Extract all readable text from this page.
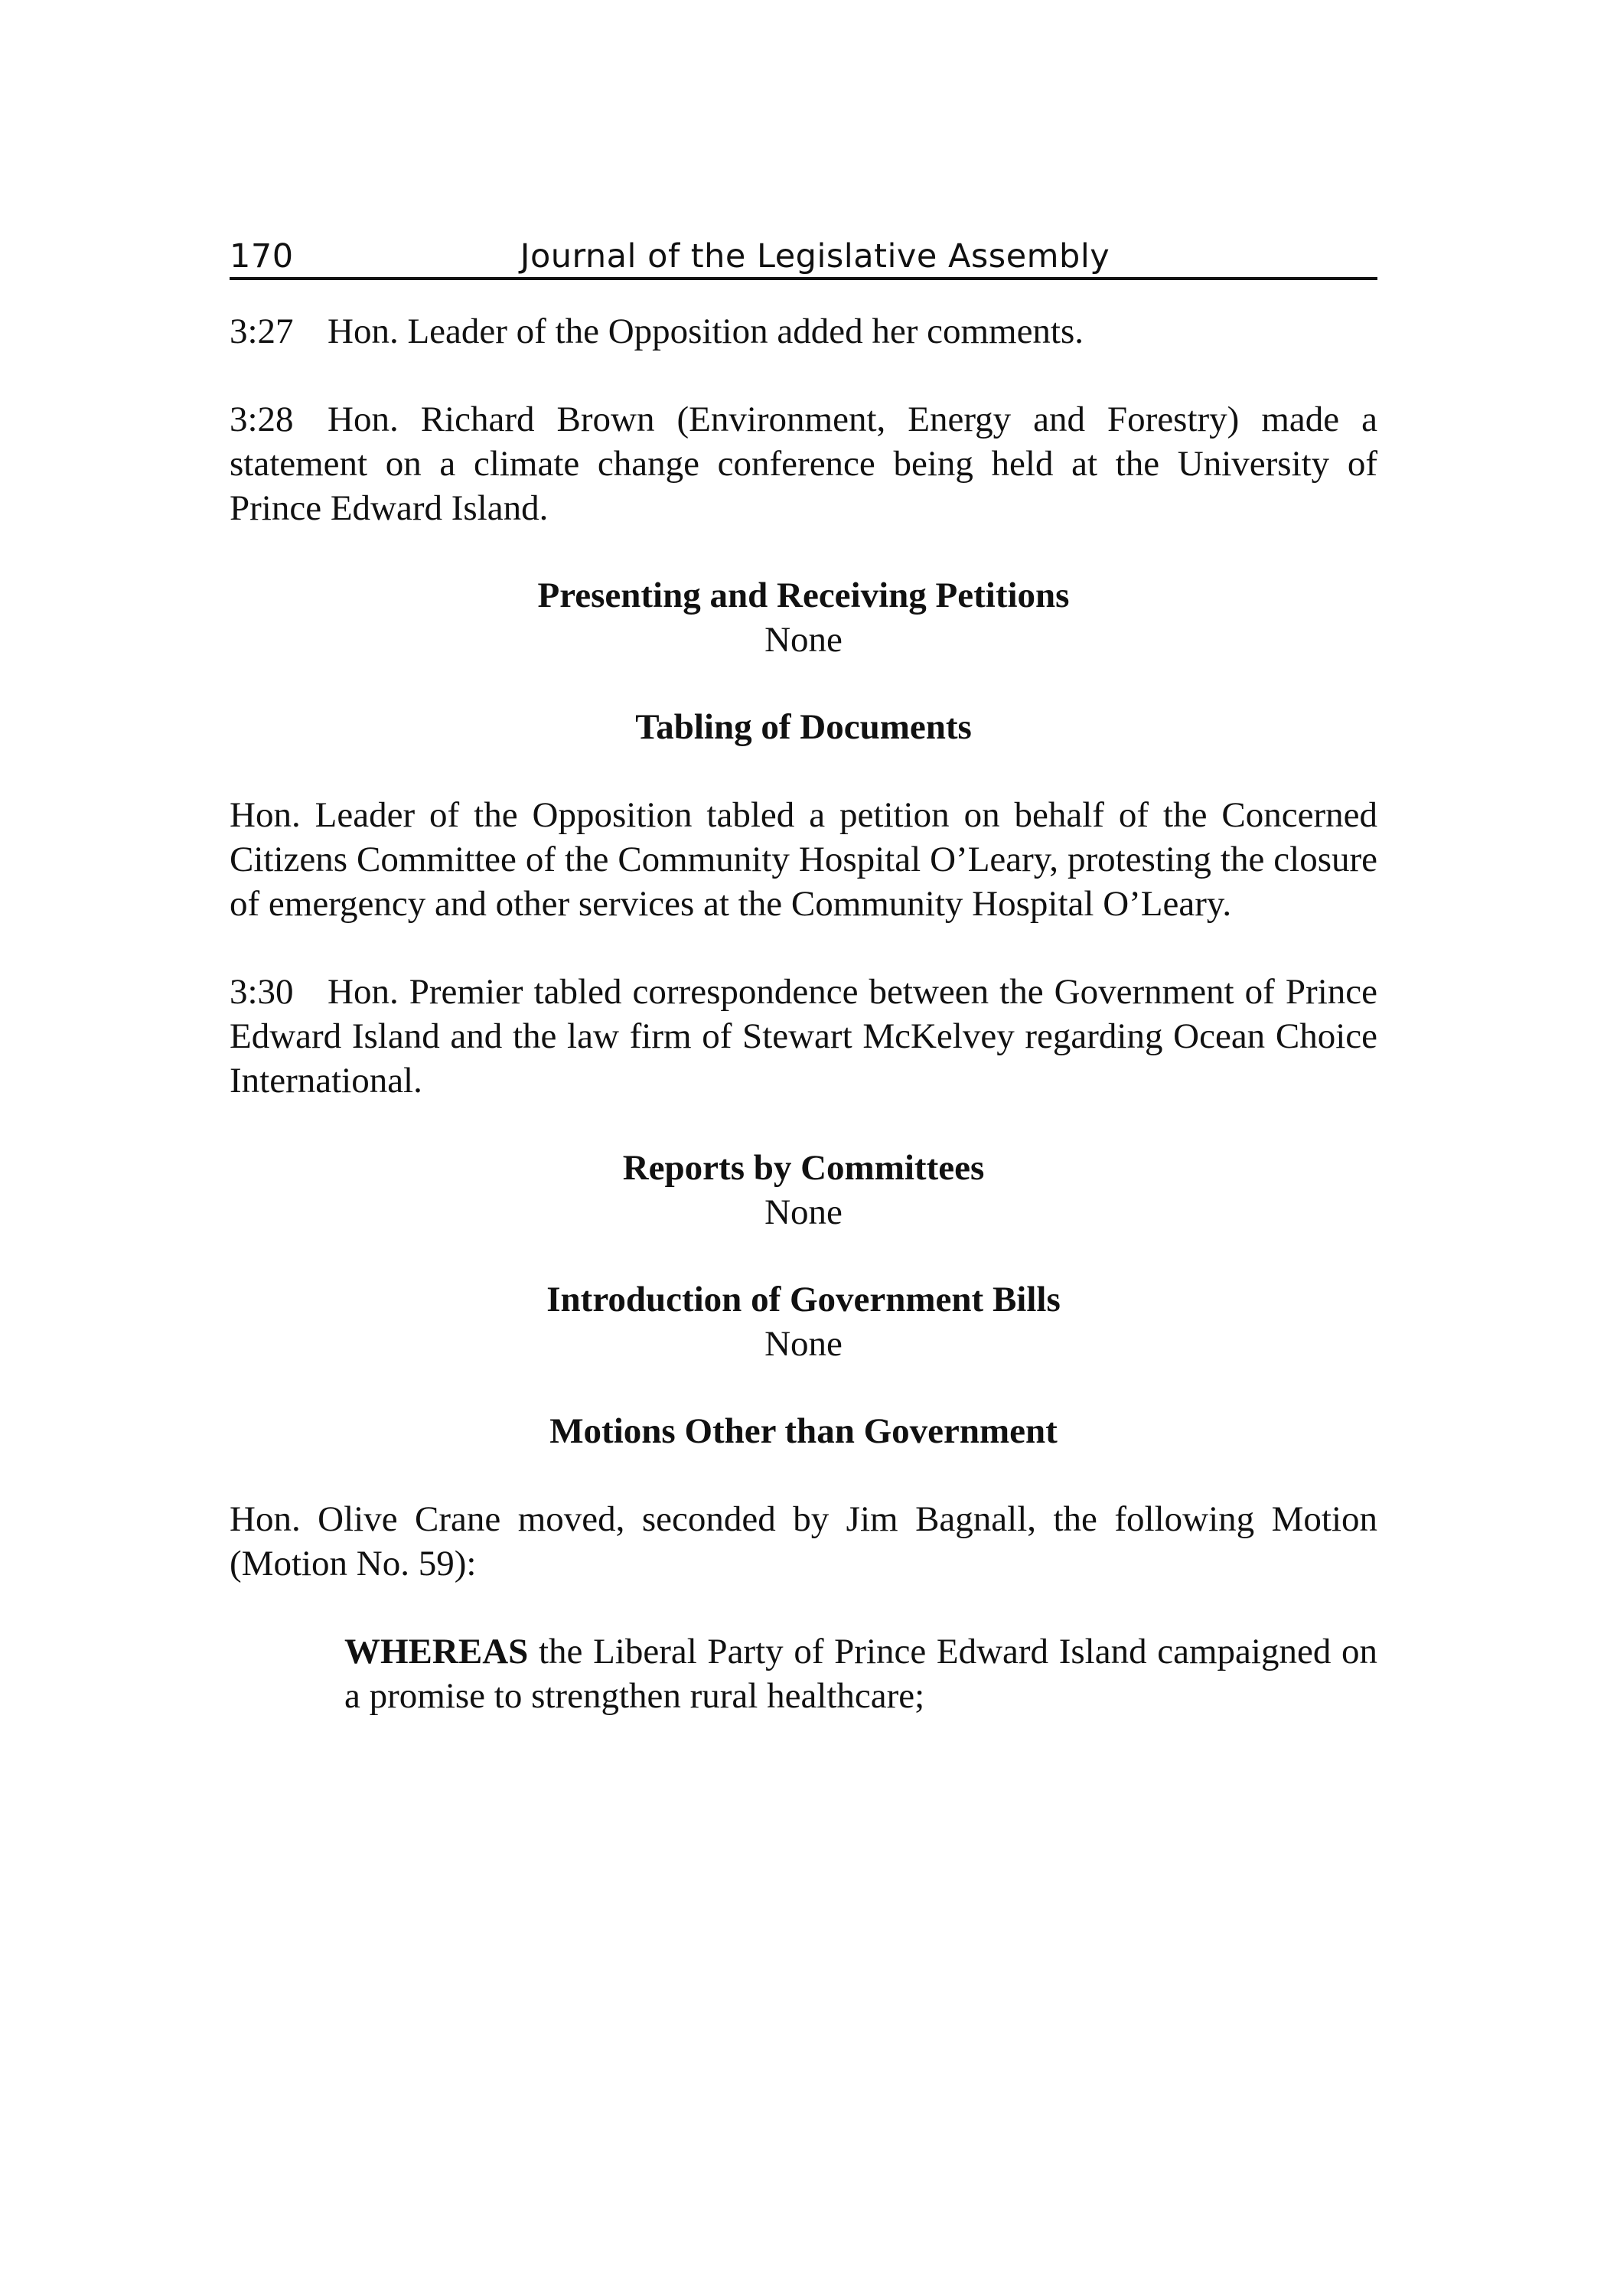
170	Journal of the Legislative Assembly

3:27 Hon. Leader of the Opposition added her comments.

3:28 Hon. Richard Brown (Environment, Energy and Forestry) made a statement on a climate change conference being held at the University of Prince Edward Island.

Presenting and Receiving Petitions

None

Tabling of Documents

Hon. Leader of the Opposition tabled a petition on behalf of the Concerned Citizens Committee of the Community Hospital O’Leary, protesting the closure of emergency and other services at the Community Hospital O’Leary.

3:30 Hon. Premier tabled correspondence between the Government of Prince Edward Island and the law firm of Stewart McKelvey regarding Ocean Choice International.

Reports by Committees

None

Introduction of Government Bills

None

Motions Other than Government

Hon. Olive Crane moved, seconded by Jim Bagnall, the following Motion (Motion No. 59):

WHEREAS the Liberal Party of Prince Edward Island campaigned on a promise to strengthen rural healthcare;
